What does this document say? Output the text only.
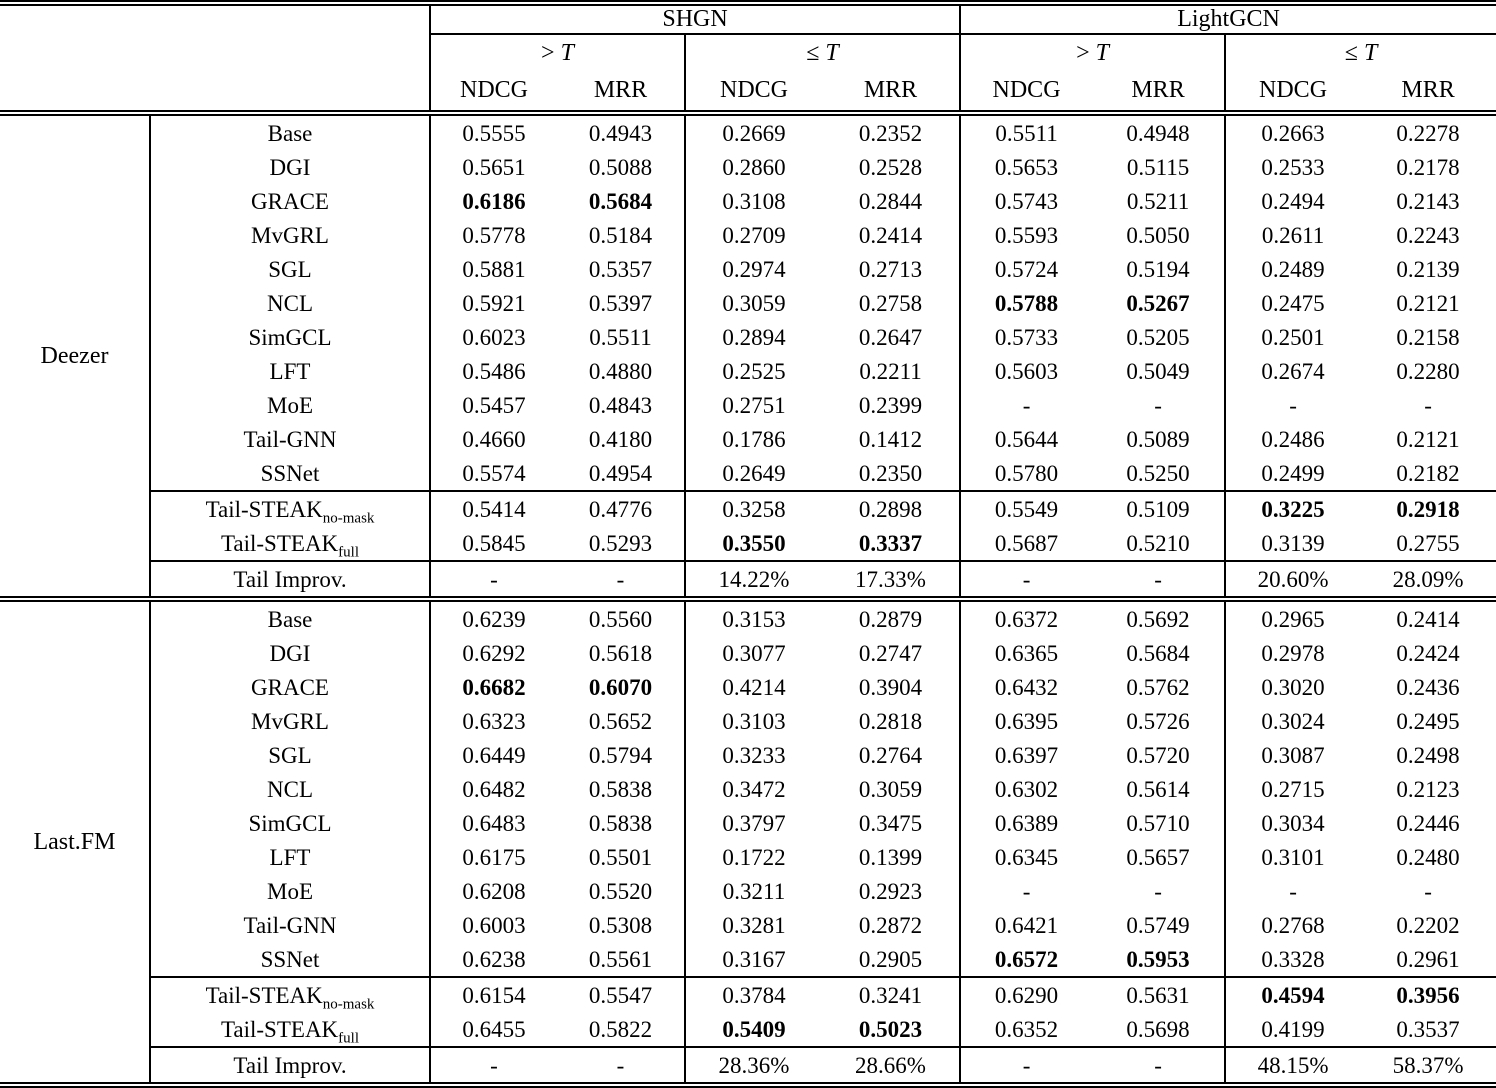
		SHGN				LightGCN			
		> T		≤ T		> T		≤ T	
		NDCG	MRR	NDCG	MRR	NDCG	MRR	NDCG	MRR
Deezer	Base	0.5555	0.4943	0.2669	0.2352	0.5511	0.4948	0.2663	0.2278
	DGI	0.5651	0.5088	0.2860	0.2528	0.5653	0.5115	0.2533	0.2178
	GRACE	0.6186	0.5684	0.3108	0.2844	0.5743	0.5211	0.2494	0.2143
	MvGRL	0.5778	0.5184	0.2709	0.2414	0.5593	0.5050	0.2611	0.2243
	SGL	0.5881	0.5357	0.2974	0.2713	0.5724	0.5194	0.2489	0.2139
	NCL	0.5921	0.5397	0.3059	0.2758	0.5788	0.5267	0.2475	0.2121
	SimGCL	0.6023	0.5511	0.2894	0.2647	0.5733	0.5205	0.2501	0.2158
	LFT	0.5486	0.4880	0.2525	0.2211	0.5603	0.5049	0.2674	0.2280
	MoE	0.5457	0.4843	0.2751	0.2399	-	-	-	-
	Tail-GNN	0.4660	0.4180	0.1786	0.1412	0.5644	0.5089	0.2486	0.2121
	SSNet	0.5574	0.4954	0.2649	0.2350	0.5780	0.5250	0.2499	0.2182
	Tail-$STEAK_{no-mask}$	0.5414	0.4776	0.3258	0.2898	0.5549	0.5109	0.3225	0.2918
	Tail-$STEAK_{full}$	0.5845	0.5293	0.3550	0.3337	0.5687	0.5210	0.3139	0.2755
	Tail Improv.	-	-	14.22%	17.33%	-	-	20.60%	28.09%
Last.FM	Base	0.6239	0.5560	0.3153	0.2879	0.6372	0.5692	0.2965	0.2414
	DGI	0.6292	0.5618	0.3077	0.2747	0.6365	0.5684	0.2978	0.2424
	GRACE	0.6682	0.6070	0.4214	0.3904	0.6432	0.5762	0.3020	0.2436
	MvGRL	0.6323	0.5652	0.3103	0.2818	0.6395	0.5726	0.3024	0.2495
	SGL	0.6449	0.5794	0.3233	0.2764	0.6397	0.5720	0.3087	0.2498
	NCL	0.6482	0.5838	0.3472	0.3059	0.6302	0.5614	0.2715	0.2123
	SimGCL	0.6483	0.5838	0.3797	0.3475	0.6389	0.5710	0.3034	0.2446
	LFT	0.6175	0.5501	0.1722	0.1399	0.6345	0.5657	0.3101	0.2480
	MoE	0.6208	0.5520	0.3211	0.2923	-	-	-	-
	Tail-GNN	0.6003	0.5308	0.3281	0.2872	0.6421	0.5749	0.2768	0.2202
	SSNet	0.6238	0.5561	0.3167	0.2905	0.6572	0.5953	0.3328	0.2961
	Tail-$STEAK_{no-mask}$	0.6154	0.5547	0.3784	0.3241	0.6290	0.5631	0.4594	0.3956
	Tail-$STEAK_{full}$	0.6455	0.5822	0.5409	0.5023	0.6352	0.5698	0.4199	0.3537
	Tail Improv.	-	-	28.36%	28.66%	-	-	48.15%	58.37%
